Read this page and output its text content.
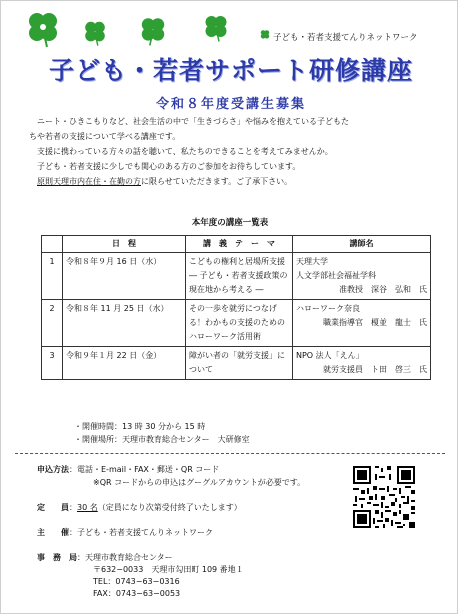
子ども・若者支援てんりネットワーク
子ども・若者サポート研修講座
令和８年度受講生募集

ニート・ひきこもりなど、社会生活の中で「生きづらさ」や悩みを抱えている子どもた

ちや若者の支援について学べる講座です。

支援に携わっている方々の話を聴いて、私たちのできることを考えてみませんか。

子ども・若者支援に少しでも関心のある方のご参加をお待ちしています。

原則天理市内在住・在勤の方に限らせていただきます。ご了承下さい。

本年度の講座一覧表
	日　程	講　義　テ　ー　マ	講師名
1	令和８年９月 16 日（水）	こどもの権利と居場所支援 ― 子ども・若者支援政策の現在地から考える ―	天理大学
人文学部社会福祉学科
准教授　深谷　弘和　氏

2	令和８年 11 月 25 日（水）	その一歩を就労につなげる！わかもの支援のためのハローワーク活用術	ハローワーク奈良
職業指導官　榎並　龍士　氏

3	令和９年１月 22 日（金）	障がい者の「就労支援」について	NPO 法人「えん」
就労支援員　ト田　啓三　氏
・開催時間：13 時 30 分から 15 時
・開催場所：天理市教育総合センター　大研修室
申込方法：電話・E-mail・FAX・郵送・QR コード
※QR コードからの申込はグーグルアカウントが必要です。
定　　員：30 名（定員になり次第受付終了いたします）
主　　催：子ども・若者支援てんりネットワーク
事　務　局：天理市教育総合センター
〒632−0033　天理市勾田町 109 番地１
TEL：0743−63−0316
FAX：0743−63−0053
